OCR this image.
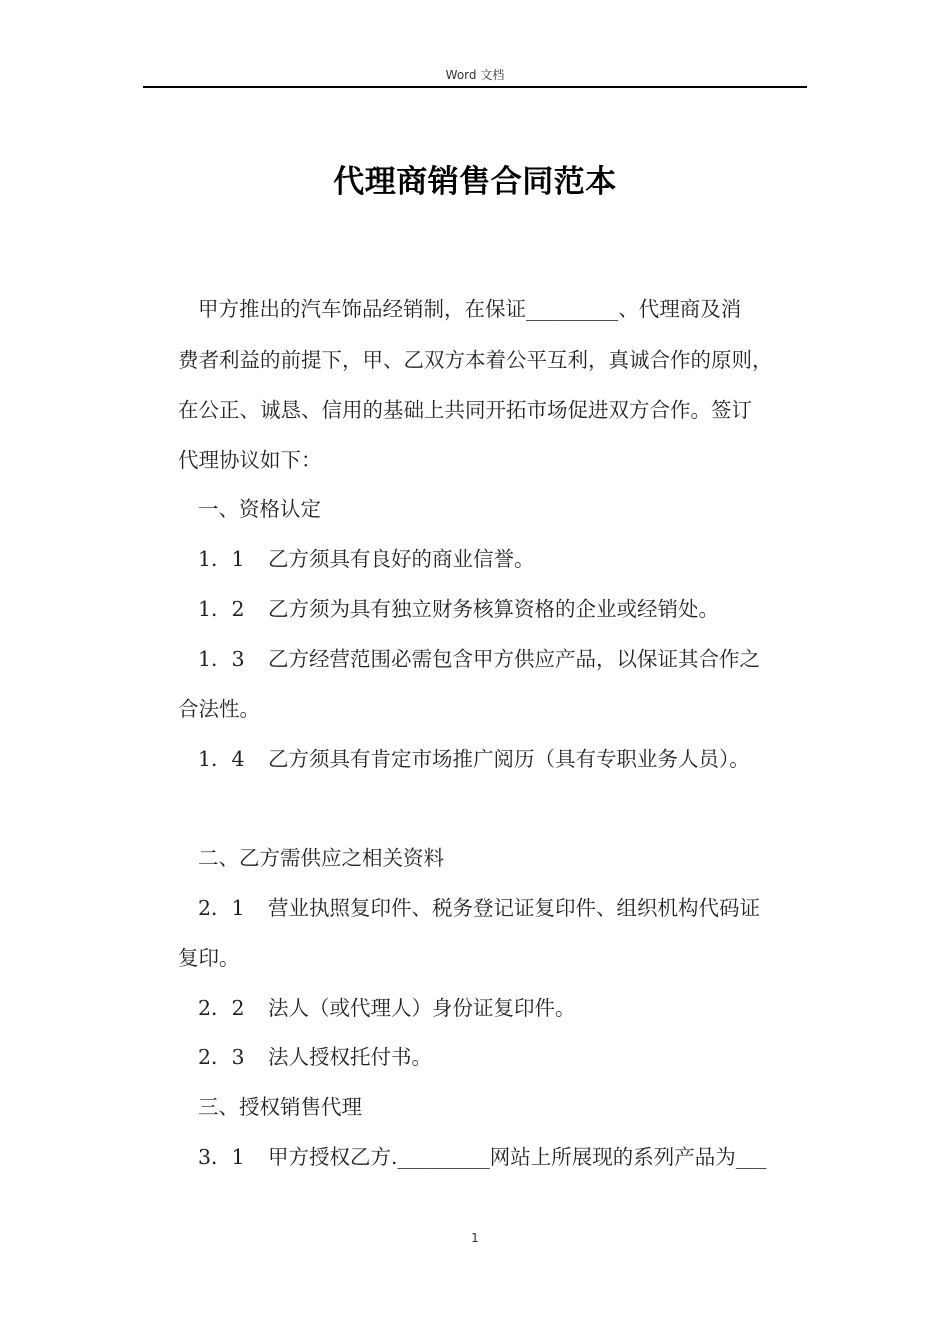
Word 文档
代理商销售合同范本
甲方推出的汽车饰品经销制，在保证_________、代理商及消
费者利益的前提下，甲、乙双方本着公平互利，真诚合作的原则，
在公正、诚恳、信用的基础上共同开拓市场促进双方合作。签订
代理协议如下：
一、资格认定
1．1 乙方须具有良好的商业信誉。
1．2 乙方须为具有独立财务核算资格的企业或经销处。
1．3 乙方经营范围必需包含甲方供应产品，以保证其合作之
合法性。
1．4 乙方须具有肯定市场推广阅历（具有专职业务人员）。
二、乙方需供应之相关资料
2．1 营业执照复印件、税务登记证复印件、组织机构代码证
复印。
2．2 法人（或代理人）身份证复印件。
2．3 法人授权托付书。
三、授权销售代理
3．1 甲方授权乙方._________网站上所展现的系列产品为___
1
